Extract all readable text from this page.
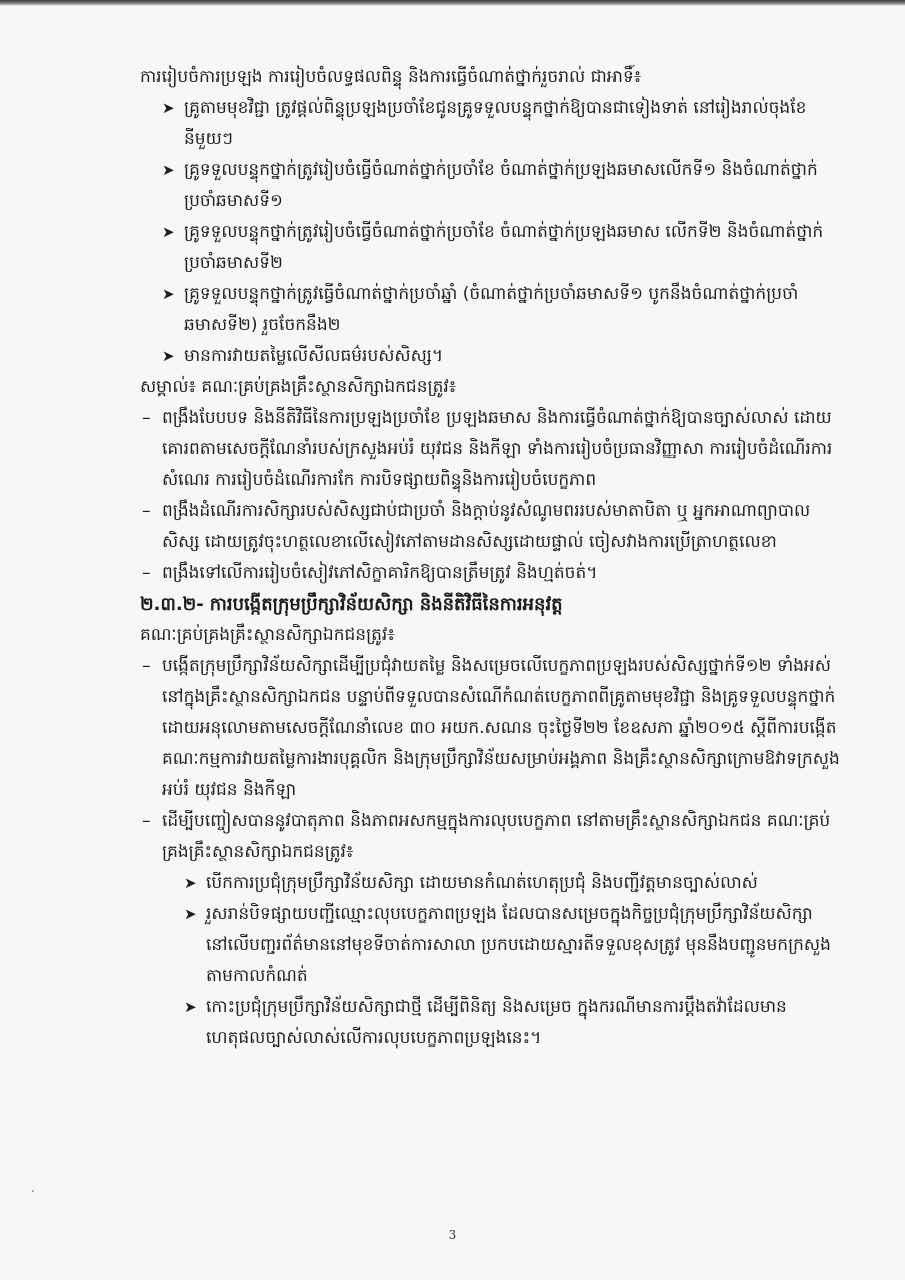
ការរៀបចំការប្រឡង ការរៀបចំលទ្ធផលពិន្ទុ និងការធ្វើចំណាត់ថ្នាក់រួចរាល់ ជាអាទិ៍៖

➤ គ្រូតាមមុខវិជ្ជា ត្រូវផ្តល់ពិន្ទុប្រឡងប្រចាំខែជូនគ្រូទទួលបន្ទុកថ្នាក់ឱ្យបានជាទៀងទាត់ នៅរៀងរាល់ចុងខែនីមួយៗ
➤ គ្រូទទួលបន្ទុកថ្នាក់ត្រូវរៀបចំធ្វើចំណាត់ថ្នាក់ប្រចាំខែ ចំណាត់ថ្នាក់ប្រឡងឆមាសលើកទី១ និងចំណាត់ថ្នាក់ប្រចាំឆមាសទី១
➤ គ្រូទទួលបន្ទុកថ្នាក់ត្រូវរៀបចំធ្វើចំណាត់ថ្នាក់ប្រចាំខែ ចំណាត់ថ្នាក់ប្រឡងឆមាស លើកទី២ និងចំណាត់ថ្នាក់ប្រចាំឆមាសទី២
➤ គ្រូទទួលបន្ទុកថ្នាក់ត្រូវធ្វើចំណាត់ថ្នាក់ប្រចាំឆ្នាំ (ចំណាត់ថ្នាក់ប្រចាំឆមាសទី១ បូកនឹងចំណាត់ថ្នាក់ប្រចាំឆមាសទី២) រួចចែកនឹង២
➤ មានការវាយតម្លៃលើសីលធម៌របស់សិស្ស។

សម្គាល់៖ គណៈគ្រប់គ្រងគ្រឹះស្ថានសិក្សាឯកជនត្រូវ៖

– ពង្រឹងបែបបទ និងនីតិវិធីនៃការប្រឡងប្រចាំខែ ប្រឡងឆមាស និងការធ្វើចំណាត់ថ្នាក់ឱ្យបានច្បាស់លាស់ ដោយគោរពតាមសេចក្តីណែនាំរបស់ក្រសួងអប់រំ យុវជន និងកីឡា ទាំងការរៀបចំប្រធានវិញ្ញាសា ការរៀបចំដំណើរការសំណេរ ការរៀបចំដំណើរការកែ ការបិទផ្សាយពិន្ទុនិងការរៀបចំបេក្ខភាព
– ពង្រឹងដំណើរការសិក្សារបស់សិស្សជាប់ជាប្រចាំ និងក្តាប់នូវសំណូមពររបស់មាតាបិតា ឬ អ្នកអាណាព្យាបាលសិស្ស ដោយត្រូវចុះហត្ថលេខាលើសៀវភៅតាមដានសិស្សដោយផ្ទាល់ ចៀសវាងការប្រើត្រាហត្ថលេខា
– ពង្រឹងទៅលើការរៀបចំសៀវភៅសិក្ខាគារិកឱ្យបានត្រឹមត្រូវ និងហ្មត់ចត់។

២.៣.២- ការបង្កើតក្រុមប្រឹក្សាវិន័យសិក្សា និងនីតិវិធីនៃការអនុវត្ត

គណៈគ្រប់គ្រងគ្រឹះស្ថានសិក្សាឯកជនត្រូវ៖

– បង្កើតក្រុមប្រឹក្សាវិន័យសិក្សាដើម្បីប្រជុំវាយតម្លៃ និងសម្រេចលើបេក្ខភាពប្រឡងរបស់សិស្សថ្នាក់ទី១២ ទាំងអស់នៅក្នុងគ្រឹះស្ថានសិក្សាឯកជន បន្ទាប់ពីទទួលបានសំណើកំណត់បេក្ខភាពពីគ្រូតាមមុខវិជ្ជា និងគ្រូទទួលបន្ទុកថ្នាក់ ដោយអនុលោមតាមសេចក្តីណែនាំលេខ ៣០ អយក.សណន ចុះថ្ងៃទី២២ ខែឧសភា ឆ្នាំ២០១៥ ស្តីពីការបង្កើតគណៈកម្មការវាយតម្លៃការងារបុគ្គលិក និងក្រុមប្រឹក្សាវិន័យសម្រាប់អង្គភាព និងគ្រឹះស្ថានសិក្សាក្រោមឱវាទក្រសួងអប់រំ យុវជន និងកីឡា
– ដើម្បីបញ្ចៀសបាននូវបាតុភាព និងភាពអសកម្មក្នុងការលុបបេក្ខភាព នៅតាមគ្រឹះស្ថានសិក្សាឯកជន គណៈគ្រប់គ្រងគ្រឹះស្ថានសិក្សាឯកជនត្រូវ៖
➤ បើកការប្រជុំក្រុមប្រឹក្សាវិន័យសិក្សា ដោយមានកំណត់ហេតុប្រជុំ និងបញ្ជីវត្តមានច្បាស់លាស់
➤ រួសរាន់បិទផ្សាយបញ្ជីឈ្មោះលុបបេក្ខភាពប្រឡង ដែលបានសម្រេចក្នុងកិច្ចប្រជុំក្រុមប្រឹក្សាវិន័យសិក្សា នៅលើបញ្ជរព័ត៌មាននៅមុខទីចាត់ការសាលា ប្រកបដោយស្មារតីទទួលខុសត្រូវ មុននឹងបញ្ជូនមកក្រសួងតាមកាលកំណត់
➤ កោះប្រជុំក្រុមប្រឹក្សាវិន័យសិក្សាជាថ្មី ដើម្បីពិនិត្យ និងសម្រេច ក្នុងករណីមានការប្តឹងតវ៉ាដែលមាន ហេតុផលច្បាស់លាស់លើការលុបបេក្ខភាពប្រឡងនេះ។
3
